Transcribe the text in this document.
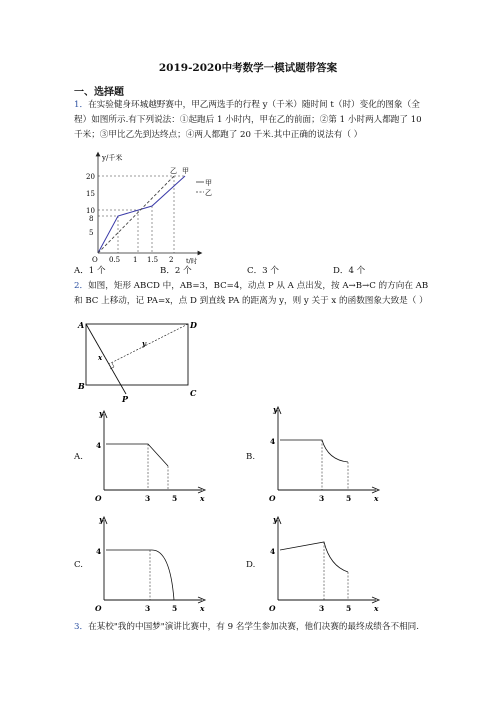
2019-2020中考数学一模试题带答案
一、选择题
1．在实验健身环城越野赛中，甲乙两选手的行程 y（千米）随时间 t（时）变化的图象（全
程）如图所示.有下列说法：①起跑后 1 小时内，甲在乙的前面；②第 1 小时两人都跑了 10
千米；③甲比乙先到达终点；④两人都跑了 20 千米.其中正确的说法有（ ）
y/千米
t/时
O
20
15
10
8
5
0.5 1 1.5 2
乙 甲
甲
乙
A．1 个	B．2 个	C．3 个	D．4 个
2．如图，矩形 ABCD 中，AB=3，BC=4，动点 P 从 A 点出发，按 A→B→C 的方向在 AB
和 BC 上移动，记 PA=x，点 D 到直线 PA 的距离为 y，则 y 关于 x 的函数图象大致是（ ）
A	D
B
C
P
x
y
A.
y
x
O
4
3	5
B.
y
x
O
4
3	5
C.
y
x
O
4
3	5
D.
y
x
O
4
3	5
3．在某校"我的中国梦"演讲比赛中，有 9 名学生参加决赛，他们决赛的最终成绩各不相同.
